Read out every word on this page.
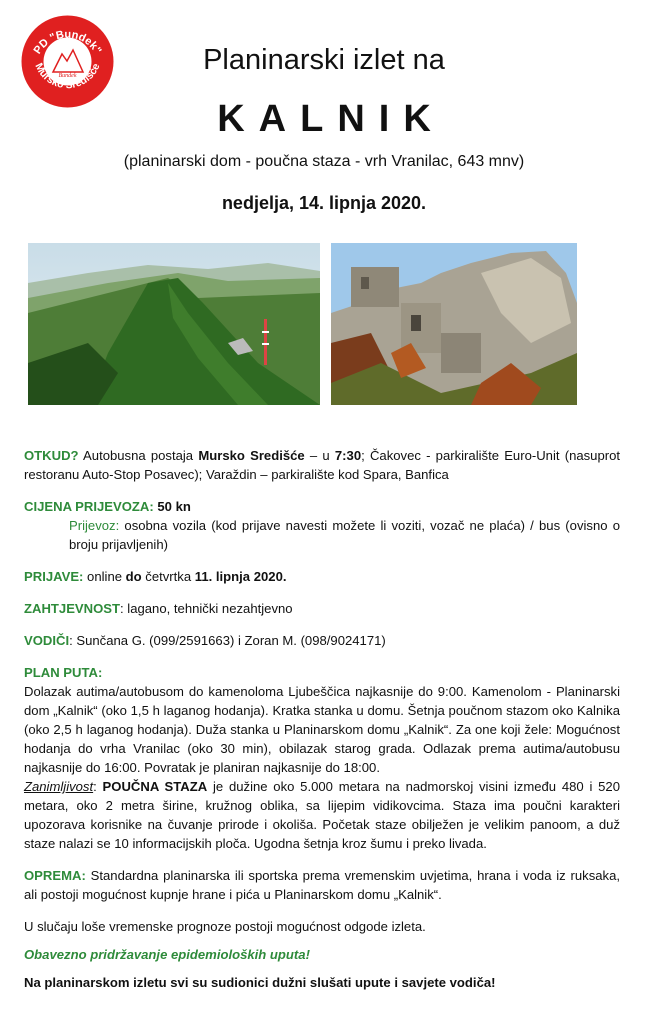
PD "Bundek"
Mursko Središće
Bundek	Planinarski izlet na
KALNIK
(planinarski dom - poučna staza - vrh Vranilac, 643 mnv)
nedjelja, 14. lipnja 2020.

OTKUD? Autobusna postaja Mursko Središće – u 7:30; Čakovec - parkiralište Euro-Unit (nasuprot restoranu Auto-Stop Posavec); Varaždin – parkiralište kod Spara, Banfica

CIJENA PRIJEVOZA: 50 kn

Prijevoz: osobna vozila (kod prijave navesti možete li voziti, vozač ne plaća) / bus (ovisno o broju prijavljenih)

PRIJAVE: online do četvrtka 11. lipnja 2020.

ZAHTJEVNOST: lagano, tehnički nezahtjevno

VODIČI: Sunčana G. (099/2591663) i Zoran M. (098/9024171)

PLAN PUTA:

Dolazak autima/autobusom do kamenoloma Ljubeščica najkasnije do 9:00. Kamenolom - Planinarski dom „Kalnik“ (oko 1,5 h laganog hodanja). Kratka stanka u domu. Šetnja poučnom stazom oko Kalnika (oko 2,5 h laganog hodanja). Duža stanka u Planinarskom domu „Kalnik“. Za one koji žele: Mogućnost hodanja do vrha Vranilac (oko 30 min), obilazak starog grada. Odlazak prema autima/autobusu najkasnije do 16:00. Povratak je planiran najkasnije do 18:00.

Zanimljivost: POUČNA STAZA je dužine oko 5.000 metara na nadmorskoj visini između 480 i 520 metara, oko 2 metra širine, kružnog oblika, sa lijepim vidikovcima. Staza ima poučni karakteri upozorava korisnike na čuvanje prirode i okoliša. Početak staze obilježen je velikim panoom, a duž staze nalazi se 10 informacijskih ploča. Ugodna šetnja kroz šumu i preko livada.

OPREMA: Standardna planinarska ili sportska prema vremenskim uvjetima, hrana i voda iz ruksaka, ali postoji mogućnost kupnje hrane i pića u Planinarskom domu „Kalnik“.

U slučaju loše vremenske prognoze postoji mogućnost odgode izleta.

Obavezno pridržavanje epidemioloških uputa!

Na planinarskom izletu svi su sudionici dužni slušati upute i savjete vodiča!
